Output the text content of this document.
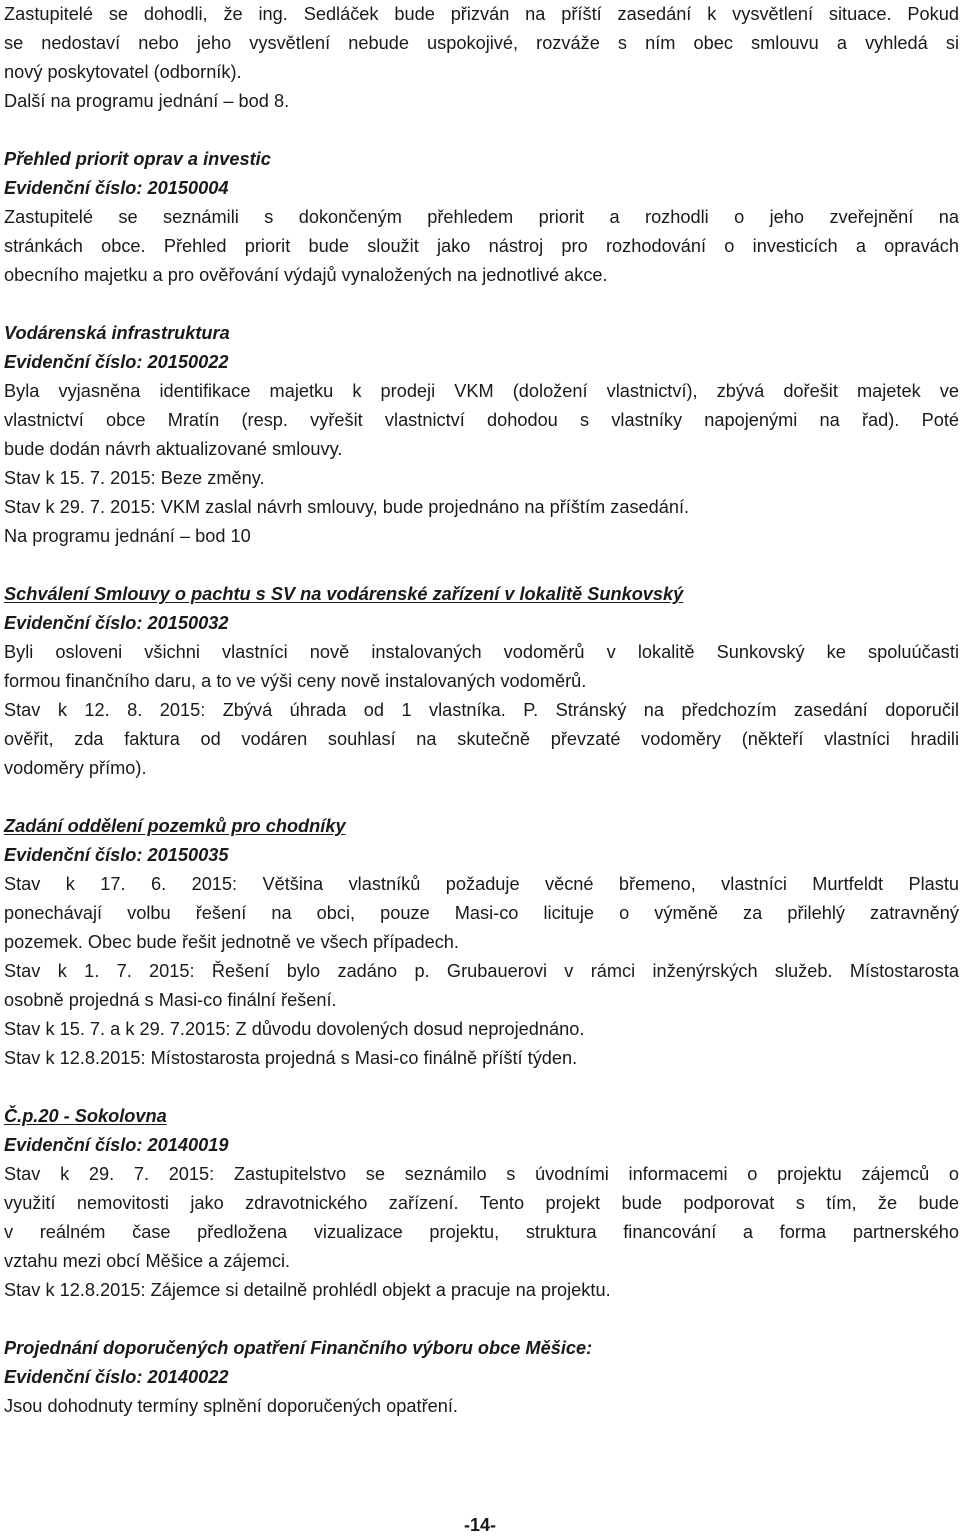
Zastupitelé se dohodli, že ing. Sedláček bude přizván na příští zasedání k vysvětlení situace. Pokud

se nedostaví nebo jeho vysvětlení nebude uspokojivé, rozváže s ním obec smlouvu a vyhledá si

nový poskytovatel (odborník).

Další na programu jednání – bod 8.

Přehled priorit oprav a investic

Evidenční číslo: 20150004

Zastupitelé se seznámili s dokončeným přehledem priorit a rozhodli o jeho zveřejnění na

stránkách obce. Přehled priorit bude sloužit jako nástroj pro rozhodování o investicích a opravách

obecního majetku a pro ověřování výdajů vynaložených na jednotlivé akce.

Vodárenská infrastruktura

Evidenční číslo: 20150022

Byla vyjasněna identifikace majetku k prodeji VKM (doložení vlastnictví), zbývá dořešit majetek ve

vlastnictví obce Mratín (resp. vyřešit vlastnictví dohodou s vlastníky napojenými na řad). Poté

bude dodán návrh aktualizované smlouvy.

Stav k 15. 7. 2015: Beze změny.

Stav k 29. 7. 2015: VKM zaslal návrh smlouvy, bude projednáno na příštím zasedání.

Na programu jednání – bod 10

Schválení Smlouvy o pachtu s SV na vodárenské zařízení v lokalitě Sunkovský

Evidenční číslo: 20150032

Byli osloveni všichni vlastníci nově instalovaných vodoměrů v lokalitě Sunkovský ke spoluúčasti

formou finančního daru, a to ve výši ceny nově instalovaných vodoměrů.

Stav k 12. 8. 2015: Zbývá úhrada od 1 vlastníka. P. Stránský na předchozím zasedání doporučil

ověřit, zda faktura od vodáren souhlasí na skutečně převzaté vodoměry (někteří vlastníci hradili

vodoměry přímo).

Zadání oddělení pozemků pro chodníky

Evidenční číslo: 20150035

Stav k 17. 6. 2015: Většina vlastníků požaduje věcné břemeno, vlastníci Murtfeldt Plastu

ponechávají volbu řešení na obci, pouze Masi-co licituje o výměně za přilehlý zatravněný

pozemek. Obec bude řešit jednotně ve všech případech.

Stav k 1. 7. 2015: Řešení bylo zadáno p. Grubauerovi v rámci inženýrských služeb. Místostarosta

osobně projedná s Masi-co finální řešení.

Stav k 15. 7. a k 29. 7.2015: Z důvodu dovolených dosud neprojednáno.

Stav k 12.8.2015: Místostarosta projedná s Masi-co finálně příští týden.

Č.p.20 - Sokolovna

Evidenční číslo: 20140019

Stav k 29. 7. 2015: Zastupitelstvo se seznámilo s úvodními informacemi o projektu zájemců o

využití nemovitosti jako zdravotnického zařízení. Tento projekt bude podporovat s tím, že bude

v reálném čase předložena vizualizace projektu, struktura financování a forma partnerského

vztahu mezi obcí Měšice a zájemci.

Stav k 12.8.2015: Zájemce si detailně prohlédl objekt a pracuje na projektu.

Projednání doporučených opatření Finančního výboru obce Měšice:

Evidenční číslo: 20140022

Jsou dohodnuty termíny splnění doporučených opatření.

-14-
